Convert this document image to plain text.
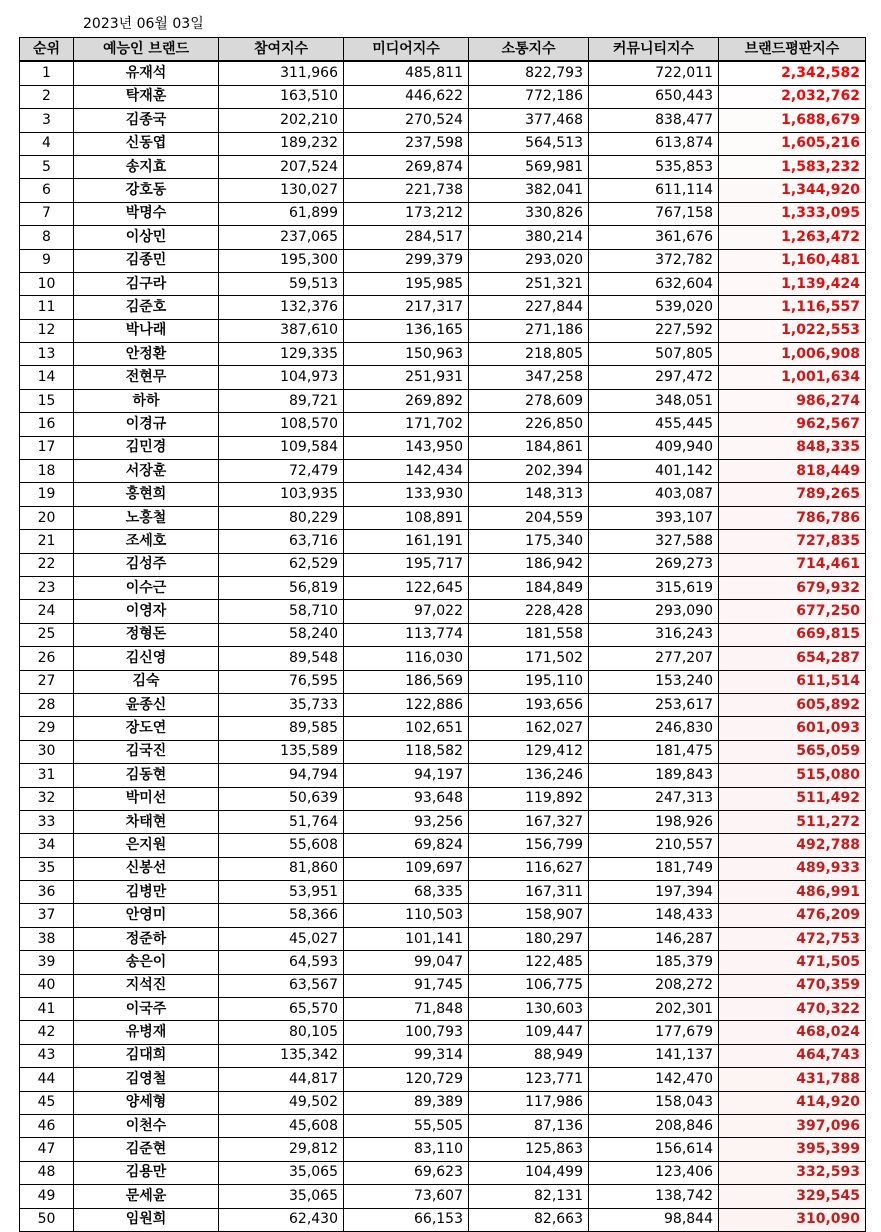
2023년 06월 03일
순위	예능인 브랜드	참여지수	미디어지수	소통지수	커뮤니티지수	브랜드평판지수
1	유재석	311,966	485,811	822,793	722,011	2,342,582
2	탁재훈	163,510	446,622	772,186	650,443	2,032,762
3	김종국	202,210	270,524	377,468	838,477	1,688,679
4	신동엽	189,232	237,598	564,513	613,874	1,605,216
5	송지효	207,524	269,874	569,981	535,853	1,583,232
6	강호동	130,027	221,738	382,041	611,114	1,344,920
7	박명수	61,899	173,212	330,826	767,158	1,333,095
8	이상민	237,065	284,517	380,214	361,676	1,263,472
9	김종민	195,300	299,379	293,020	372,782	1,160,481
10	김구라	59,513	195,985	251,321	632,604	1,139,424
11	김준호	132,376	217,317	227,844	539,020	1,116,557
12	박나래	387,610	136,165	271,186	227,592	1,022,553
13	안정환	129,335	150,963	218,805	507,805	1,006,908
14	전현무	104,973	251,931	347,258	297,472	1,001,634
15	하하	89,721	269,892	278,609	348,051	986,274
16	이경규	108,570	171,702	226,850	455,445	962,567
17	김민경	109,584	143,950	184,861	409,940	848,335
18	서장훈	72,479	142,434	202,394	401,142	818,449
19	홍현희	103,935	133,930	148,313	403,087	789,265
20	노홍철	80,229	108,891	204,559	393,107	786,786
21	조세호	63,716	161,191	175,340	327,588	727,835
22	김성주	62,529	195,717	186,942	269,273	714,461
23	이수근	56,819	122,645	184,849	315,619	679,932
24	이영자	58,710	97,022	228,428	293,090	677,250
25	정형돈	58,240	113,774	181,558	316,243	669,815
26	김신영	89,548	116,030	171,502	277,207	654,287
27	김숙	76,595	186,569	195,110	153,240	611,514
28	윤종신	35,733	122,886	193,656	253,617	605,892
29	장도연	89,585	102,651	162,027	246,830	601,093
30	김국진	135,589	118,582	129,412	181,475	565,059
31	김동현	94,794	94,197	136,246	189,843	515,080
32	박미선	50,639	93,648	119,892	247,313	511,492
33	차태현	51,764	93,256	167,327	198,926	511,272
34	은지원	55,608	69,824	156,799	210,557	492,788
35	신봉선	81,860	109,697	116,627	181,749	489,933
36	김병만	53,951	68,335	167,311	197,394	486,991
37	안영미	58,366	110,503	158,907	148,433	476,209
38	정준하	45,027	101,141	180,297	146,287	472,753
39	송은이	64,593	99,047	122,485	185,379	471,505
40	지석진	63,567	91,745	106,775	208,272	470,359
41	이국주	65,570	71,848	130,603	202,301	470,322
42	유병재	80,105	100,793	109,447	177,679	468,024
43	김대희	135,342	99,314	88,949	141,137	464,743
44	김영철	44,817	120,729	123,771	142,470	431,788
45	양세형	49,502	89,389	117,986	158,043	414,920
46	이천수	45,608	55,505	87,136	208,846	397,096
47	김준현	29,812	83,110	125,863	156,614	395,399
48	김용만	35,065	69,623	104,499	123,406	332,593
49	문세윤	35,065	73,607	82,131	138,742	329,545
50	임원희	62,430	66,153	82,663	98,844	310,090
